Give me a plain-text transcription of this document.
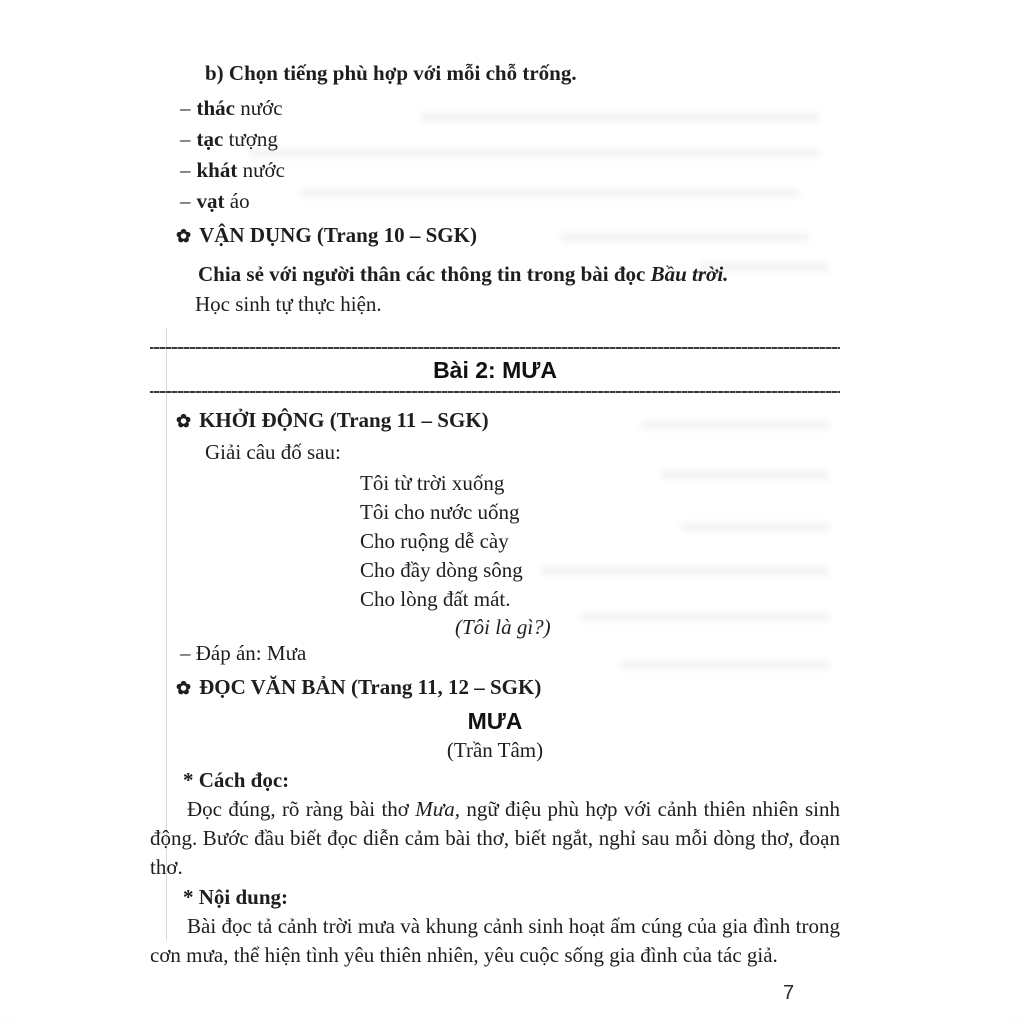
b) Chọn tiếng phù hợp với mỗi chỗ trống.
– thác nước
– tạc tượng
– khát nước
– vạt áo
✿ VẬN DỤNG (Trang 10 – SGK)
Chia sẻ với người thân các thông tin trong bài đọc Bầu trời.
Học sinh tự thực hiện.
Bài 2: MƯA
✿ KHỞI ĐỘNG (Trang 11 – SGK)
Giải câu đố sau:
Tôi từ trời xuống
Tôi cho nước uống
Cho ruộng dễ cày
Cho đầy dòng sông
Cho lòng đất mát.
(Tôi là gì?)
– Đáp án: Mưa
✿ ĐỌC VĂN BẢN (Trang 11, 12 – SGK)
MƯA
(Trần Tâm)
* Cách đọc:

Đọc đúng, rõ ràng bài thơ Mưa, ngữ điệu phù hợp với cảnh thiên nhiên sinh động. Bước đầu biết đọc diễn cảm bài thơ, biết ngắt, nghỉ sau mỗi dòng thơ, đoạn thơ.

* Nội dung:

Bài đọc tả cảnh trời mưa và khung cảnh sinh hoạt ấm cúng của gia đình trong cơn mưa, thể hiện tình yêu thiên nhiên, yêu cuộc sống gia đình của tác giả.

7
